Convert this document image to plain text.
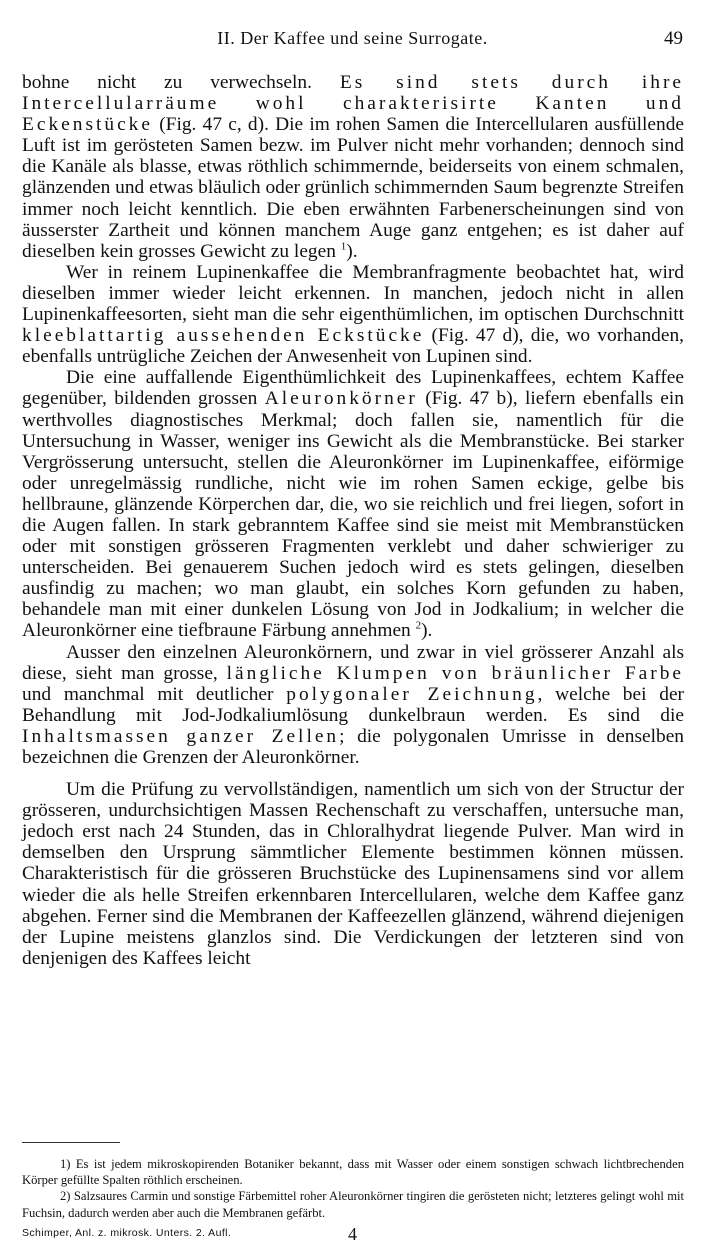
II. Der Kaffee und seine Surrogate.	49

bohne nicht zu verwechseln. Es sind stets durch ihre Intercellularräume wohl charakterisirte Kanten und Eckenstücke (Fig. 47 c, d). Die im rohen Samen die Intercellularen ausfüllende Luft ist im gerösteten Samen bezw. im Pulver nicht mehr vorhanden; dennoch sind die Kanäle als blasse, etwas röthlich schimmernde, beiderseits von einem schmalen, glänzenden und etwas bläulich oder grünlich schimmernden Saum begrenzte Streifen immer noch leicht kenntlich. Die eben erwähnten Farbenerscheinungen sind von äusserster Zartheit und können manchem Auge ganz entgehen; es ist daher auf dieselben kein grosses Gewicht zu legen $^1$).

Wer in reinem Lupinenkaffee die Membranfragmente beobachtet hat, wird dieselben immer wieder leicht erkennen. In manchen, jedoch nicht in allen Lupinenkaffeesorten, sieht man die sehr eigenthümlichen, im optischen Durchschnitt kleeblattartig aussehenden Eckstücke (Fig. 47 d), die, wo vorhanden, ebenfalls untrügliche Zeichen der Anwesenheit von Lupinen sind.

Die eine auffallende Eigenthümlichkeit des Lupinenkaffees, echtem Kaffee gegenüber, bildenden grossen Aleuronkörner (Fig. 47 b), liefern ebenfalls ein werthvolles diagnostisches Merkmal; doch fallen sie, namentlich für die Untersuchung in Wasser, weniger ins Gewicht als die Membranstücke. Bei starker Vergrösserung untersucht, stellen die Aleuronkörner im Lupinenkaffee, eiförmige oder unregelmässig rundliche, nicht wie im rohen Samen eckige, gelbe bis hellbraune, glänzende Körperchen dar, die, wo sie reichlich und frei liegen, sofort in die Augen fallen. In stark gebranntem Kaffee sind sie meist mit Membranstücken oder mit sonstigen grösseren Fragmenten verklebt und daher schwieriger zu unterscheiden. Bei genauerem Suchen jedoch wird es stets gelingen, dieselben ausfindig zu machen; wo man glaubt, ein solches Korn gefunden zu haben, behandele man mit einer dunkelen Lösung von Jod in Jodkalium; in welcher die Aleuronkörner eine tiefbraune Färbung annehmen $^2$).

Ausser den einzelnen Aleuronkörnern, und zwar in viel grösserer Anzahl als diese, sieht man grosse, längliche Klumpen von bräunlicher Farbe und manchmal mit deutlicher polygonaler Zeichnung, welche bei der Behandlung mit Jod-Jodkaliumlösung dunkelbraun werden. Es sind die Inhaltsmassen ganzer Zellen; die polygonalen Umrisse in denselben bezeichnen die Grenzen der Aleuronkörner.

Um die Prüfung zu vervollständigen, namentlich um sich von der Structur der grösseren, undurchsichtigen Massen Rechenschaft zu verschaffen, untersuche man, jedoch erst nach 24 Stunden, das in Chloralhydrat liegende Pulver. Man wird in demselben den Ursprung sämmtlicher Elemente bestimmen können müssen. Charakteristisch für die grösseren Bruchstücke des Lupinensamens sind vor allem wieder die als helle Streifen erkennbaren Intercellularen, welche dem Kaffee ganz abgehen. Ferner sind die Membranen der Kaffeezellen glänzend, während diejenigen der Lupine meistens glanzlos sind. Die Verdickungen der letzteren sind von denjenigen des Kaffees leicht

1) Es ist jedem mikroskopirenden Botaniker bekannt, dass mit Wasser oder einem sonstigen schwach lichtbrechenden Körper gefüllte Spalten röthlich erscheinen.

2) Salzsaures Carmin und sonstige Färbemittel roher Aleuronkörner tingiren die gerösteten nicht; letzteres gelingt wohl mit Fuchsin, dadurch werden aber auch die Membranen gefärbt.

Schimper, Anl. z. mikrosk. Unters. 2. Aufl.	4
